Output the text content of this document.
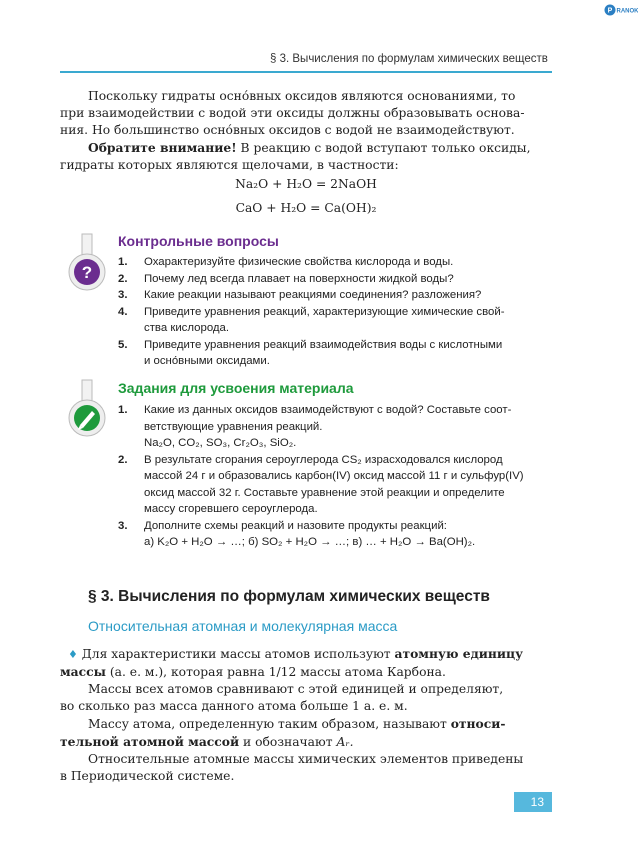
Р RANOK
§ 3. Вычисления по формулам химических веществ
Поскольку гидраты осно́вных оксидов являются основаниями, то
при взаимодействии с водой эти оксиды должны образовывать основа-
ния. Но большинство осно́вных оксидов с водой не взаимодействуют.
Обратите внимание! В реакцию с водой вступают только оксиды,
гидраты которых являются щелочами, в частности:
Na₂O + H₂O = 2NaOH
CaO + H₂O = Ca(OH)₂
?
Контрольные вопросы
1.	Охарактеризуйте физические свойства кислорода и воды.
2.	Почему лед всегда плавает на поверхности жидкой воды?
3.	Какие реакции называют реакциями соединения? разложения?
4.	Приведите уравнения реакций, характеризующие химические свой-
ства кислорода.
5.	Приведите уравнения реакций взаимодействия воды с кислотными
и осно́вными оксидами.
Задания для усвоения материала
1.	Какие из данных оксидов взаимодействуют с водой? Составьте соот-
ветствующие уравнения реакций.
Na₂O, CO₂, SO₃, Cr₂O₃, SiO₂.
2.	В результате сгорания сероуглерода CS₂ израсходовался кислород
массой 24 г и образовались карбон(IV) оксид массой 11 г и сульфур(IV)
оксид массой 32 г. Составьте уравнение этой реакции и определите
массу сгоревшего сероуглерода.
3.	Дополните схемы реакций и назовите продукты реакций:
а) K₂O + H₂O → …; б) SO₂ + H₂O → …; в) … + H₂O → Ba(OH)₂.
§ 3. Вычисления по формулам химических веществ
Относительная атомная и молекулярная масса
♦ Для характеристики массы атомов используют атомную единицу
массы (а. е. м.), которая равна 1/12 массы атома Карбона.
Массы всех атомов сравнивают с этой единицей и определяют,
во сколько раз масса данного атома больше 1 а. е. м.
Массу атома, определенную таким образом, называют относи-
тельной атомной массой и обозначают Aᵣ.
Относительные атомные массы химических элементов приведены
в Периодической системе.
13
